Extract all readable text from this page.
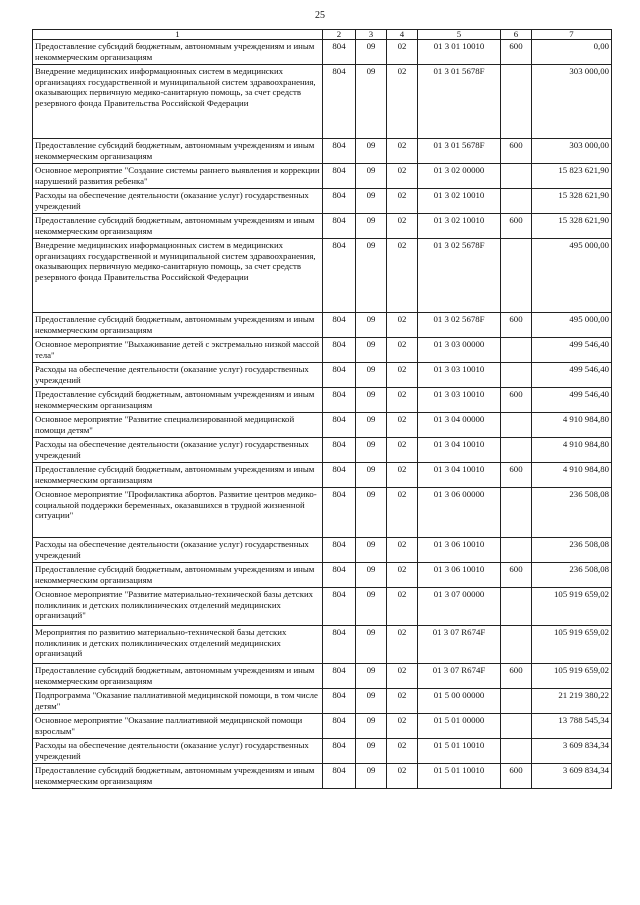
25
1	2	3	4	5	6	7
Предоставление субсидий бюджетным, автономным учреждениям и иным некоммерческим организациям	804	09	02	01 3 01 10010	600	0,00
Внедрение медицинских информационных систем в медицинских организациях государственной и муниципальной систем здравоохранения, оказывающих первичную медико-санитарную помощь, за счет средств резервного фонда Правительства Российской Федерации	804	09	02	01 3 01 5678F		303 000,00
Предоставление субсидий бюджетным, автономным учреждениям и иным некоммерческим организациям	804	09	02	01 3 01 5678F	600	303 000,00
Основное мероприятие "Создание системы раннего выявления и коррекции нарушений развития ребенка"	804	09	02	01 3 02 00000		15 823 621,90
Расходы на обеспечение деятельности (оказание услуг) государственных учреждений	804	09	02	01 3 02 10010		15 328 621,90
Предоставление субсидий бюджетным, автономным учреждениям и иным некоммерческим организациям	804	09	02	01 3 02 10010	600	15 328 621,90
Внедрение медицинских информационных систем в медицинских организациях государственной и муниципальной систем здравоохранения, оказывающих первичную медико-санитарную помощь, за счет средств резервного фонда Правительства Российской Федерации	804	09	02	01 3 02 5678F		495 000,00
Предоставление субсидий бюджетным, автономным учреждениям и иным некоммерческим организациям	804	09	02	01 3 02 5678F	600	495 000,00
Основное мероприятие "Выхаживание детей с экстремально низкой массой тела"	804	09	02	01 3 03 00000		499 546,40
Расходы на обеспечение деятельности (оказание услуг) государственных учреждений	804	09	02	01 3 03 10010		499 546,40
Предоставление субсидий бюджетным, автономным учреждениям и иным некоммерческим организациям	804	09	02	01 3 03 10010	600	499 546,40
Основное мероприятие "Развитие специализированной медицинской помощи детям"	804	09	02	01 3 04 00000		4 910 984,80
Расходы на обеспечение деятельности (оказание услуг) государственных учреждений	804	09	02	01 3 04 10010		4 910 984,80
Предоставление субсидий бюджетным, автономным учреждениям и иным некоммерческим организациям	804	09	02	01 3 04 10010	600	4 910 984,80
Основное мероприятие "Профилактика абортов. Развитие центров медико-социальной поддержки беременных, оказавшихся в трудной жизненной ситуации"	804	09	02	01 3 06 00000		236 508,08
Расходы на обеспечение деятельности (оказание услуг) государственных учреждений	804	09	02	01 3 06 10010		236 508,08
Предоставление субсидий бюджетным, автономным учреждениям и иным некоммерческим организациям	804	09	02	01 3 06 10010	600	236 508,08
Основное мероприятие "Развитие материально-технической базы детских поликлиник и детских поликлинических отделений медицинских организаций"	804	09	02	01 3 07 00000		105 919 659,02
Мероприятия по развитию материально-технической базы детских поликлиник и детских поликлинических отделений медицинских организаций	804	09	02	01 3 07 R674F		105 919 659,02
Предоставление субсидий бюджетным, автономным учреждениям и иным некоммерческим организациям	804	09	02	01 3 07 R674F	600	105 919 659,02
Подпрограмма "Оказание паллиативной медицинской помощи, в том числе детям"	804	09	02	01 5 00 00000		21 219 380,22
Основное мероприятие "Оказание паллиативной медицинской помощи взрослым"	804	09	02	01 5 01 00000		13 788 545,34
Расходы на обеспечение деятельности (оказание услуг) государственных учреждений	804	09	02	01 5 01 10010		3 609 834,34
Предоставление субсидий бюджетным, автономным учреждениям и иным некоммерческим организациям	804	09	02	01 5 01 10010	600	3 609 834,34
